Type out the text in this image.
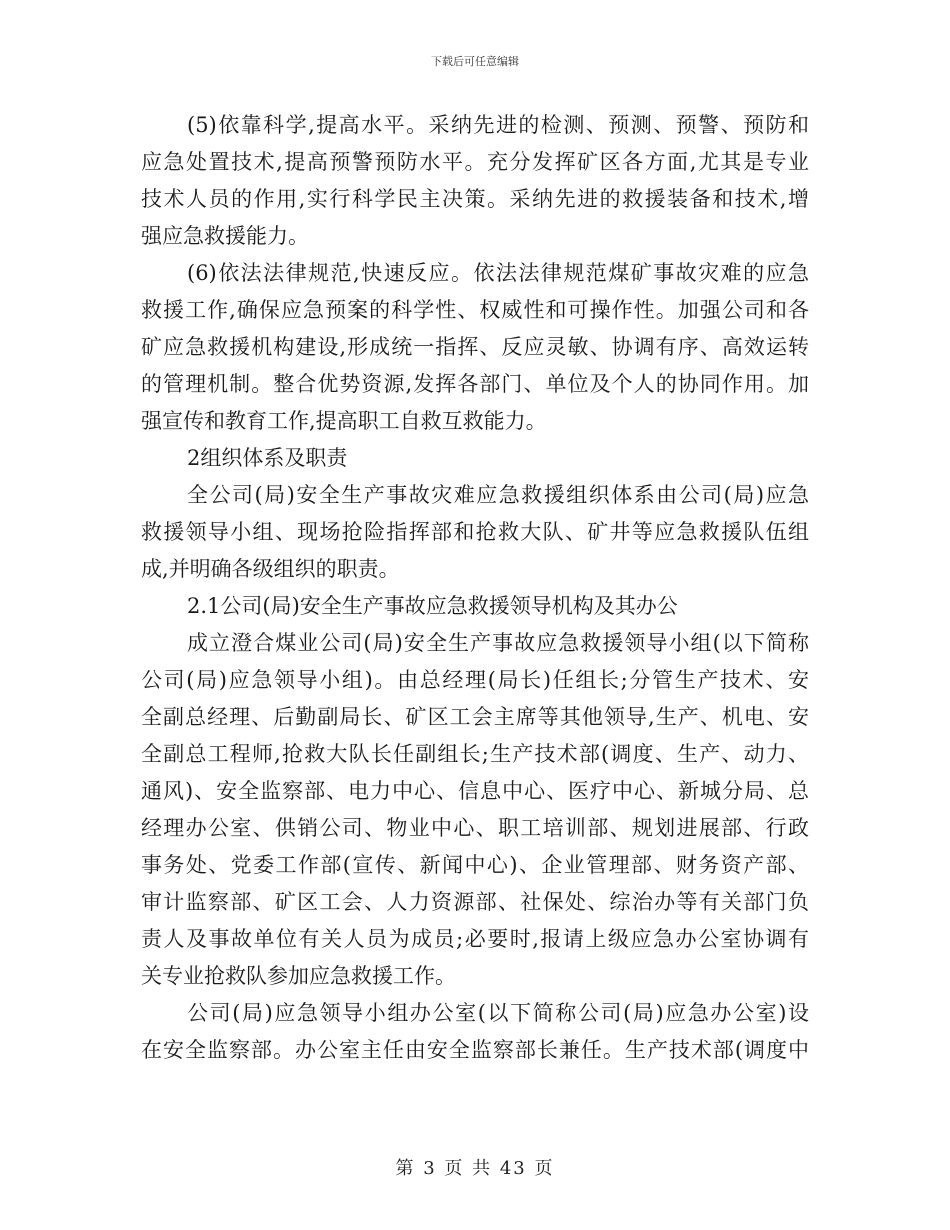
下载后可任意编辑
(5)依靠科学,提高水平。采纳先进的检测、预测、预警、预防和
应急处置技术,提高预警预防水平。充分发挥矿区各方面,尤其是专业
技术人员的作用,实行科学民主决策。采纳先进的救援装备和技术,增
强应急救援能力。
(6)依法法律规范,快速反应。依法法律规范煤矿事故灾难的应急
救援工作,确保应急预案的科学性、权威性和可操作性。加强公司和各
矿应急救援机构建设,形成统一指挥、反应灵敏、协调有序、高效运转
的管理机制。整合优势资源,发挥各部门、单位及个人的协同作用。加
强宣传和教育工作,提高职工自救互救能力。
2组织体系及职责
全公司(局)安全生产事故灾难应急救援组织体系由公司(局)应急
救援领导小组、现场抢险指挥部和抢救大队、矿井等应急救援队伍组
成,并明确各级组织的职责。
2.1公司(局)安全生产事故应急救援领导机构及其办公
成立澄合煤业公司(局)安全生产事故应急救援领导小组(以下简称
公司(局)应急领导小组)。由总经理(局长)任组长;分管生产技术、安
全副总经理、后勤副局长、矿区工会主席等其他领导,生产、机电、安
全副总工程师,抢救大队长任副组长;生产技术部(调度、生产、动力、
通风)、安全监察部、电力中心、信息中心、医疗中心、新城分局、总
经理办公室、供销公司、物业中心、职工培训部、规划进展部、行政
事务处、党委工作部(宣传、新闻中心)、企业管理部、财务资产部、
审计监察部、矿区工会、人力资源部、社保处、综治办等有关部门负
责人及事故单位有关人员为成员;必要时,报请上级应急办公室协调有
关专业抢救队参加应急救援工作。
公司(局)应急领导小组办公室(以下简称公司(局)应急办公室)设
在安全监察部。办公室主任由安全监察部长兼任。生产技术部(调度中
第 3 页 共 43 页
